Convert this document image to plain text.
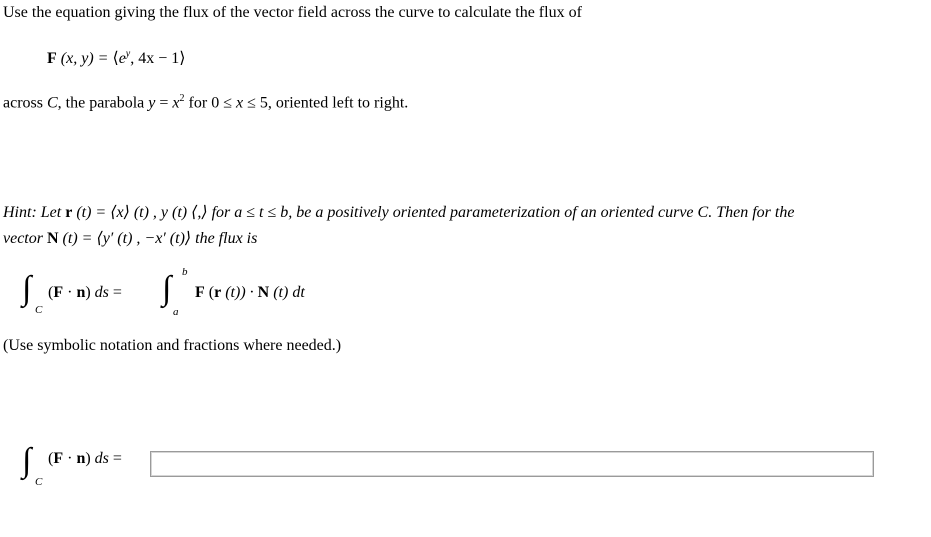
Use the equation giving the flux of the vector field across the curve to calculate the flux of
F (x, $y) = ⟨e^y$, 4x − 1⟩
across C, the parabola $y = x^2$ for 0 ≤ x ≤ 5, oriented left to right.
Hint: Let r (t) = ⟨x⟩ (t) , y (t) ⟨,⟩ for a ≤ t ≤ b, be a positively oriented parameterization of an oriented curve C. Then for the
vector N (t) = ⟨y′ (t) , −x′ (t)⟩ the flux is
∫
C
(F · n) ds = ∫ b
a
F (r (t)) · N (t) dt
(Use symbolic notation and fractions where needed.)
∫
C
(F · n) ds =
